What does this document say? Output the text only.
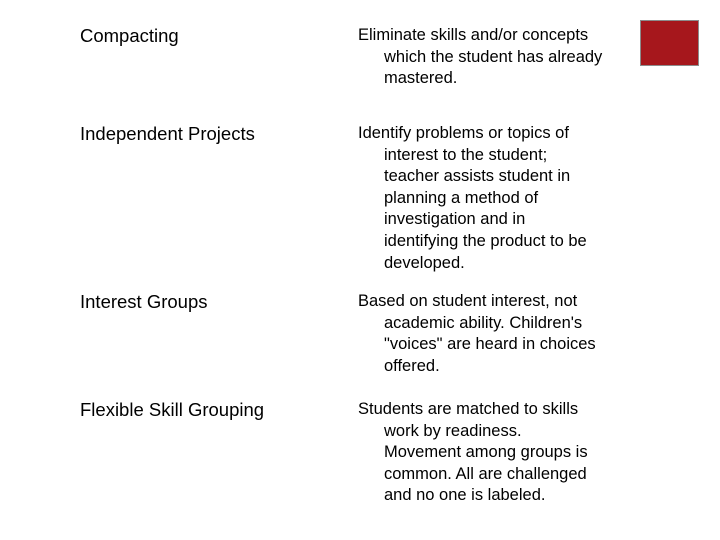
Compacting	Eliminate skills and/or concepts
which the student has already
mastered.
Independent Projects	Identify problems or topics of
interest to the student;
teacher assists student in
planning a method of
investigation and in
identifying the product to be
developed.
Interest Groups	Based on student interest, not
academic ability. Children's
"voices" are heard in choices
offered.
Flexible Skill Grouping	Students are matched to skills
work by readiness.
Movement among groups is
common. All are challenged
and no one is labeled.
